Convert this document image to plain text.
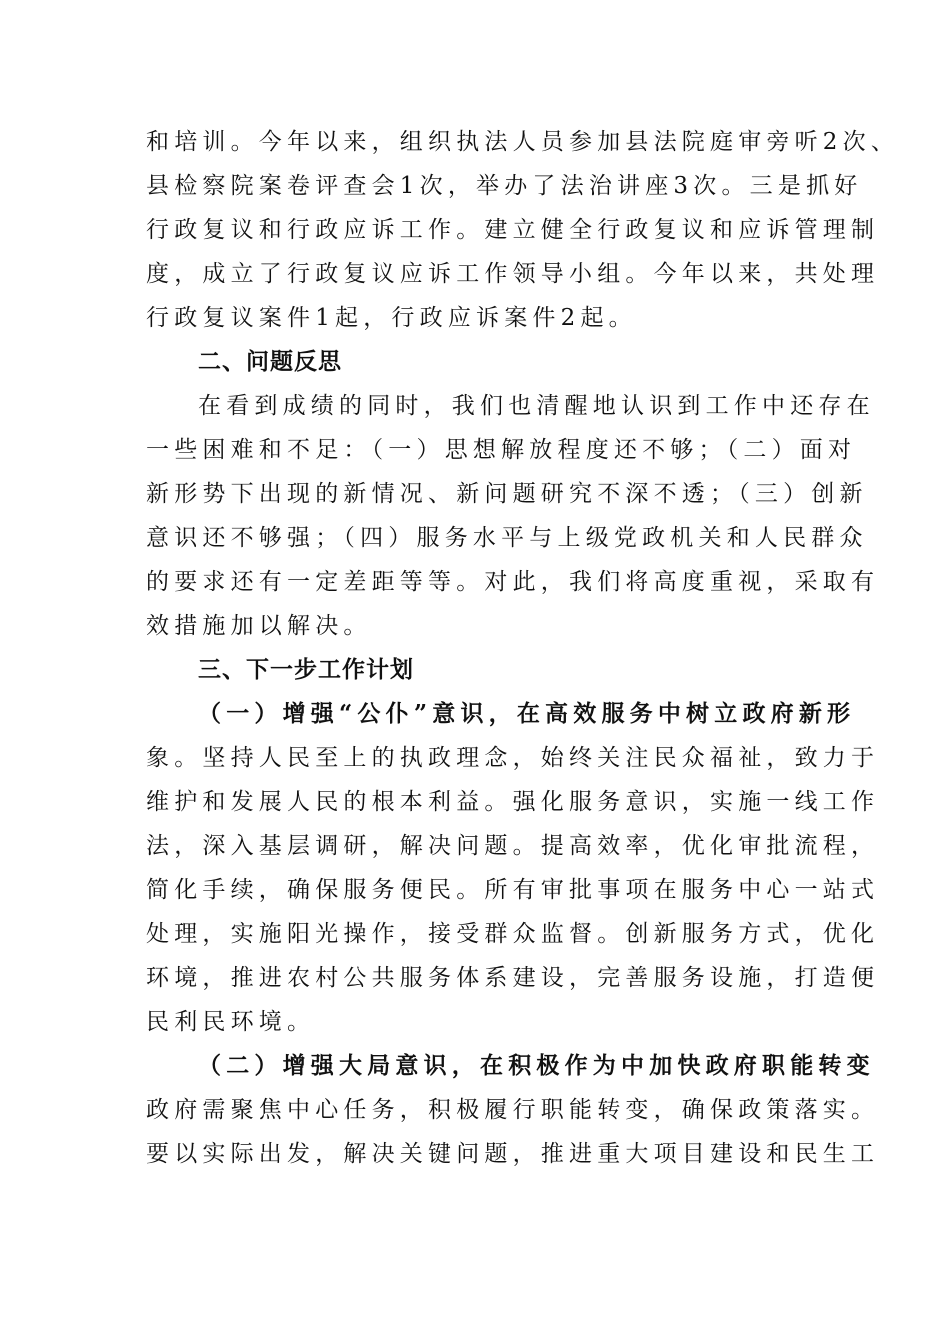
和培训。今年以来，组织执法人员参加县法院庭审旁听2次、
县检察院案卷评查会1次，举办了法治讲座3次。三是抓好
行政复议和行政应诉工作。建立健全行政复议和应诉管理制
度，成立了行政复议应诉工作领导小组。今年以来，共处理
行政复议案件1起，行政应诉案件2起。
二、问题反思
在看到成绩的同时，我们也清醒地认识到工作中还存在
一些困难和不足：（一）思想解放程度还不够；（二）面对
新形势下出现的新情况、新问题研究不深不透；（三）创新
意识还不够强；（四）服务水平与上级党政机关和人民群众
的要求还有一定差距等等。对此，我们将高度重视，采取有
效措施加以解决。
三、下一步工作计划
（一）增强“公仆”意识，在高效服务中树立政府新形
象。坚持人民至上的执政理念，始终关注民众福祉，致力于
维护和发展人民的根本利益。强化服务意识，实施一线工作
法，深入基层调研，解决问题。提高效率，优化审批流程，
简化手续，确保服务便民。所有审批事项在服务中心一站式
处理，实施阳光操作，接受群众监督。创新服务方式，优化
环境，推进农村公共服务体系建设，完善服务设施，打造便
民利民环境。
（二）增强大局意识，在积极作为中加快政府职能转变
政府需聚焦中心任务，积极履行职能转变，确保政策落实。
要以实际出发，解决关键问题，推进重大项目建设和民生工
